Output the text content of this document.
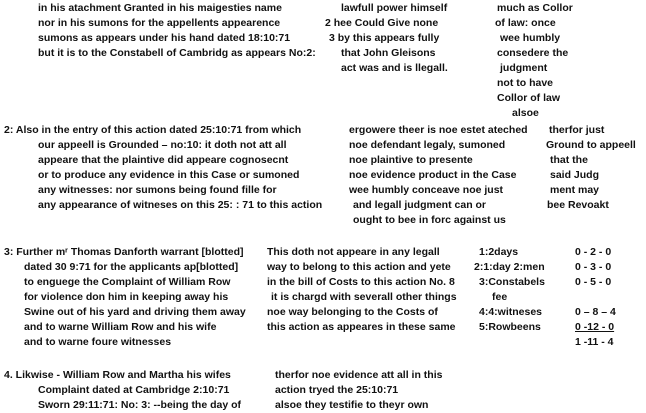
in his atachment Granted in his maigesties name
nor in his sumons for the appellents appearence
sumons as appears under his hand dated 18:10:71
but it is to the Constabell of Cambridg as appears No:2:
lawfull power himself
2 hee Could Give none
3 by this appears fully
that John Gleisons
act was and is llegall.
much as Collor
of law: once
wee humbly
consedere the
judgment
not to have
Collor of law
alsoe
2: Also in the entry of this action dated 25:10:71 from which
our appeell is Grounded – no:10: it doth not att all
appeare that the plaintive did appeare cognosecnt
or to produce any evidence in this Case or sumoned
any witnesses: nor sumons being found fille for
any appearance of witneses on this 25: : 71 to this action
ergowere theer is noe estet ateched
noe defendant legaly, sumoned
noe plaintive to presente
noe evidence product in the Case
wee humbly conceave noe just
and legall judgment can or
ought to bee in forc against us
therfor just
Ground to appeell
that the
said Judg
ment may
bee Revoakt
3: Further mʳ Thomas Danforth warrant [blotted]
dated 30 9:71 for the applicants ap[blotted]
to enguege the Complaint of William Row
for violence don him in keeping away his
Swine out of his yard and driving them away
and to warne William Row and his wife
and to warne foure witnesses
This doth not appeare in any legall
way to belong to this action and yete
in the bill of Costs to this action No. 8
it is chargd with severall other things
noe way belonging to the Costs of
this action as appeares in these same
1:2days
2:1:day 2:men
3:Constabels
fee
4:4:witneses
5:Rowbeens
0 - 2 - 0
0 - 3 - 0
0 - 5 - 0
0 – 8 – 4
0 -12 - 0
1 -11 - 4
4. Likwise - William Row and Martha his wifes
Complaint dated at Cambridge 2:10:71
Sworn 29:11:71: No: 3: --being the day of
therfor noe evidence att all in this
action tryed the 25:10:71
alsoe they testifie to theyr own
